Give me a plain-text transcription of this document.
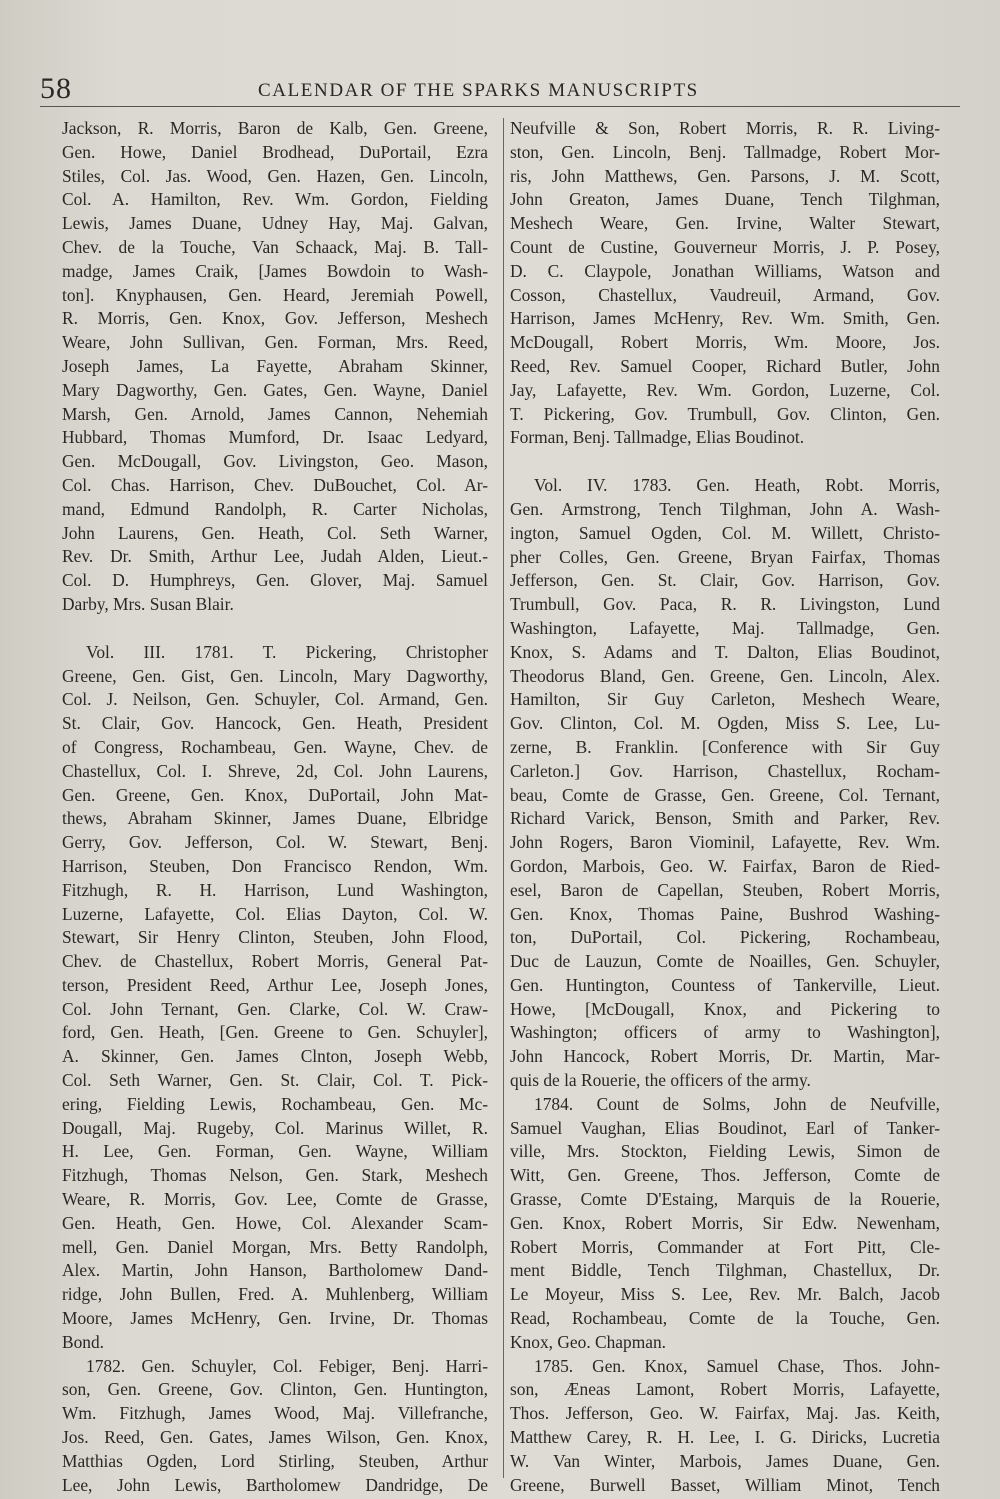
58	CALENDAR OF THE SPARKS MANUSCRIPTS
Jackson, R. Morris, Baron de Kalb, Gen. Greene,
Gen. Howe, Daniel Brodhead, DuPortail, Ezra
Stiles, Col. Jas. Wood, Gen. Hazen, Gen. Lincoln,
Col. A. Hamilton, Rev. Wm. Gordon, Fielding
Lewis, James Duane, Udney Hay, Maj. Galvan,
Chev. de la Touche, Van Schaack, Maj. B. Tall-
madge, James Craik, [James Bowdoin to Wash-
ton]. Knyphausen, Gen. Heard, Jeremiah Powell,
R. Morris, Gen. Knox, Gov. Jefferson, Meshech
Weare, John Sullivan, Gen. Forman, Mrs. Reed,
Joseph James, La Fayette, Abraham Skinner,
Mary Dagworthy, Gen. Gates, Gen. Wayne, Daniel
Marsh, Gen. Arnold, James Cannon, Nehemiah
Hubbard, Thomas Mumford, Dr. Isaac Ledyard,
Gen. McDougall, Gov. Livingston, Geo. Mason,
Col. Chas. Harrison, Chev. DuBouchet, Col. Ar-
mand, Edmund Randolph, R. Carter Nicholas,
John Laurens, Gen. Heath, Col. Seth Warner,
Rev. Dr. Smith, Arthur Lee, Judah Alden, Lieut.-
Col. D. Humphreys, Gen. Glover, Maj. Samuel
Darby, Mrs. Susan Blair.
Vol. III. 1781. T. Pickering, Christopher
Greene, Gen. Gist, Gen. Lincoln, Mary Dagworthy,
Col. J. Neilson, Gen. Schuyler, Col. Armand, Gen.
St. Clair, Gov. Hancock, Gen. Heath, President
of Congress, Rochambeau, Gen. Wayne, Chev. de
Chastellux, Col. I. Shreve, 2d, Col. John Laurens,
Gen. Greene, Gen. Knox, DuPortail, John Mat-
thews, Abraham Skinner, James Duane, Elbridge
Gerry, Gov. Jefferson, Col. W. Stewart, Benj.
Harrison, Steuben, Don Francisco Rendon, Wm.
Fitzhugh, R. H. Harrison, Lund Washington,
Luzerne, Lafayette, Col. Elias Dayton, Col. W.
Stewart, Sir Henry Clinton, Steuben, John Flood,
Chev. de Chastellux, Robert Morris, General Pat-
terson, President Reed, Arthur Lee, Joseph Jones,
Col. John Ternant, Gen. Clarke, Col. W. Craw-
ford, Gen. Heath, [Gen. Greene to Gen. Schuyler],
A. Skinner, Gen. James Clnton, Joseph Webb,
Col. Seth Warner, Gen. St. Clair, Col. T. Pick-
ering, Fielding Lewis, Rochambeau, Gen. Mc-
Dougall, Maj. Rugeby, Col. Marinus Willet, R.
H. Lee, Gen. Forman, Gen. Wayne, William
Fitzhugh, Thomas Nelson, Gen. Stark, Meshech
Weare, R. Morris, Gov. Lee, Comte de Grasse,
Gen. Heath, Gen. Howe, Col. Alexander Scam-
mell, Gen. Daniel Morgan, Mrs. Betty Randolph,
Alex. Martin, John Hanson, Bartholomew Dand-
ridge, John Bullen, Fred. A. Muhlenberg, William
Moore, James McHenry, Gen. Irvine, Dr. Thomas
Bond.
1782. Gen. Schuyler, Col. Febiger, Benj. Harri-
son, Gen. Greene, Gov. Clinton, Gen. Huntington,
Wm. Fitzhugh, James Wood, Maj. Villefranche,
Jos. Reed, Gen. Gates, James Wilson, Gen. Knox,
Matthias Ogden, Lord Stirling, Steuben, Arthur
Lee, John Lewis, Bartholomew Dandridge, De
Neufville & Son, Robert Morris, R. R. Living-
ston, Gen. Lincoln, Benj. Tallmadge, Robert Mor-
ris, John Matthews, Gen. Parsons, J. M. Scott,
John Greaton, James Duane, Tench Tilghman,
Meshech Weare, Gen. Irvine, Walter Stewart,
Count de Custine, Gouverneur Morris, J. P. Posey,
D. C. Claypole, Jonathan Williams, Watson and
Cosson, Chastellux, Vaudreuil, Armand, Gov.
Harrison, James McHenry, Rev. Wm. Smith, Gen.
McDougall, Robert Morris, Wm. Moore, Jos.
Reed, Rev. Samuel Cooper, Richard Butler, John
Jay, Lafayette, Rev. Wm. Gordon, Luzerne, Col.
T. Pickering, Gov. Trumbull, Gov. Clinton, Gen.
Forman, Benj. Tallmadge, Elias Boudinot.
Vol. IV. 1783. Gen. Heath, Robt. Morris,
Gen. Armstrong, Tench Tilghman, John A. Wash-
ington, Samuel Ogden, Col. M. Willett, Christo-
pher Colles, Gen. Greene, Bryan Fairfax, Thomas
Jefferson, Gen. St. Clair, Gov. Harrison, Gov.
Trumbull, Gov. Paca, R. R. Livingston, Lund
Washington, Lafayette, Maj. Tallmadge, Gen.
Knox, S. Adams and T. Dalton, Elias Boudinot,
Theodorus Bland, Gen. Greene, Gen. Lincoln, Alex.
Hamilton, Sir Guy Carleton, Meshech Weare,
Gov. Clinton, Col. M. Ogden, Miss S. Lee, Lu-
zerne, B. Franklin. [Conference with Sir Guy
Carleton.] Gov. Harrison, Chastellux, Rocham-
beau, Comte de Grasse, Gen. Greene, Col. Ternant,
Richard Varick, Benson, Smith and Parker, Rev.
John Rogers, Baron Viominil, Lafayette, Rev. Wm.
Gordon, Marbois, Geo. W. Fairfax, Baron de Ried-
esel, Baron de Capellan, Steuben, Robert Morris,
Gen. Knox, Thomas Paine, Bushrod Washing-
ton, DuPortail, Col. Pickering, Rochambeau,
Duc de Lauzun, Comte de Noailles, Gen. Schuyler,
Gen. Huntington, Countess of Tankerville, Lieut.
Howe, [McDougall, Knox, and Pickering to
Washington; officers of army to Washington],
John Hancock, Robert Morris, Dr. Martin, Mar-
quis de la Rouerie, the officers of the army.
1784. Count de Solms, John de Neufville,
Samuel Vaughan, Elias Boudinot, Earl of Tanker-
ville, Mrs. Stockton, Fielding Lewis, Simon de
Witt, Gen. Greene, Thos. Jefferson, Comte de
Grasse, Comte D'Estaing, Marquis de la Rouerie,
Gen. Knox, Robert Morris, Sir Edw. Newenham,
Robert Morris, Commander at Fort Pitt, Cle-
ment Biddle, Tench Tilghman, Chastellux, Dr.
Le Moyeur, Miss S. Lee, Rev. Mr. Balch, Jacob
Read, Rochambeau, Comte de la Touche, Gen.
Knox, Geo. Chapman.
1785. Gen. Knox, Samuel Chase, Thos. John-
son, Æneas Lamont, Robert Morris, Lafayette,
Thos. Jefferson, Geo. W. Fairfax, Maj. Jas. Keith,
Matthew Carey, R. H. Lee, I. G. Diricks, Lucretia
W. Van Winter, Marbois, James Duane, Gen.
Greene, Burwell Basset, William Minot, Tench
